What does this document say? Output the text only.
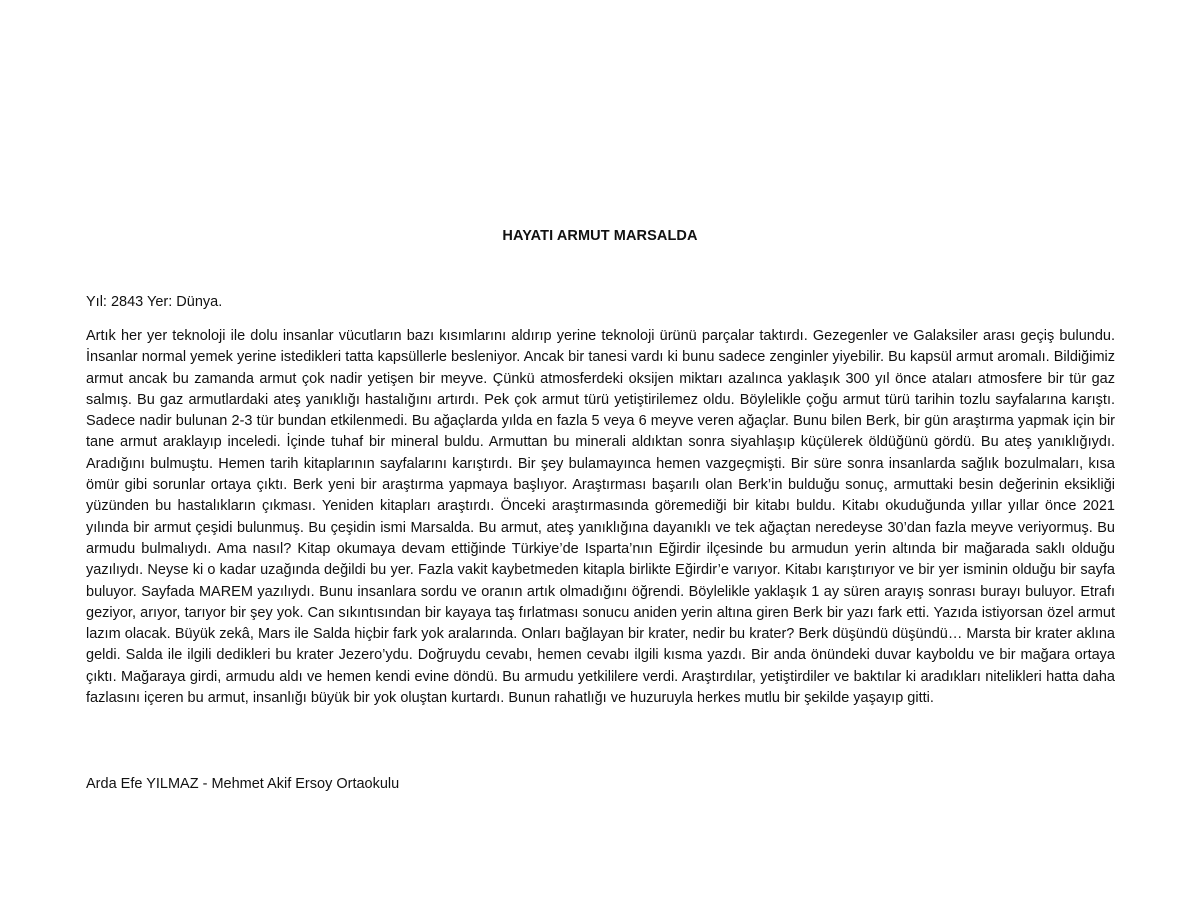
HAYATI ARMUT MARSALDA
Yıl: 2843 Yer: Dünya.

Artık her yer teknoloji ile dolu insanlar vücutların bazı kısımlarını aldırıp yerine teknoloji ürünü parçalar taktırdı. Gezegenler ve Galaksiler arası geçiş bulundu. İnsanlar normal yemek yerine istedikleri tatta kapsüllerle besleniyor. Ancak bir tanesi vardı ki bunu sadece zenginler yiyebilir. Bu kapsül armut aromalı. Bildiğimiz armut ancak bu zamanda armut çok nadir yetişen bir meyve. Çünkü atmosferdeki oksijen miktarı azalınca yaklaşık 300 yıl önce ataları atmosfere bir tür gaz salmış. Bu gaz armutlardaki ateş yanıklığı hastalığını artırdı. Pek çok armut türü yetiştirilemez oldu. Böylelikle çoğu armut türü tarihin tozlu sayfalarına karıştı. Sadece nadir bulunan 2-3 tür bundan etkilenmedi. Bu ağaçlarda yılda en fazla 5 veya 6 meyve veren ağaçlar. Bunu bilen Berk, bir gün araştırma yapmak için bir tane armut araklayıp inceledi. İçinde tuhaf bir mineral buldu. Armuttan bu minerali aldıktan sonra siyahlaşıp küçülerek öldüğünü gördü. Bu ateş yanıklığıydı. Aradığını bulmuştu. Hemen tarih kitaplarının sayfalarını karıştırdı. Bir şey bulamayınca hemen vazgeçmişti. Bir süre sonra insanlarda sağlık bozulmaları, kısa ömür gibi sorunlar ortaya çıktı. Berk yeni bir araştırma yapmaya başlıyor. Araştırması başarılı olan Berk’in bulduğu sonuç, armuttaki besin değerinin eksikliği yüzünden bu hastalıkların çıkması. Yeniden kitapları araştırdı. Önceki araştırmasında göremediği bir kitabı buldu. Kitabı okuduğunda yıllar yıllar önce 2021 yılında bir armut çeşidi bulunmuş. Bu çeşidin ismi Marsalda. Bu armut, ateş yanıklığına dayanıklı ve tek ağaçtan neredeyse 30’dan fazla meyve veriyormuş. Bu armudu bulmalıydı. Ama nasıl? Kitap okumaya devam ettiğinde Türkiye’de Isparta’nın Eğirdir ilçesinde bu armudun yerin altında bir mağarada saklı olduğu yazılıydı. Neyse ki o kadar uzağında değildi bu yer. Fazla vakit kaybetmeden kitapla birlikte Eğirdir’e varıyor. Kitabı karıştırıyor ve bir yer isminin olduğu bir sayfa buluyor. Sayfada MAREM yazılıydı. Bunu insanlara sordu ve oranın artık olmadığını öğrendi. Böylelikle yaklaşık 1 ay süren arayış sonrası burayı buluyor. Etrafı geziyor, arıyor, tarıyor bir şey yok. Can sıkıntısından bir kayaya taş fırlatması sonucu aniden yerin altına giren Berk bir yazı fark etti. Yazıda istiyorsan özel armut lazım olacak. Büyük zekâ, Mars ile Salda hiçbir fark yok aralarında. Onları bağlayan bir krater, nedir bu krater? Berk düşündü düşündü… Marsta bir krater aklına geldi. Salda ile ilgili dedikleri bu krater Jezero’ydu. Doğruydu cevabı, hemen cevabı ilgili kısma yazdı. Bir anda önündeki duvar kayboldu ve bir mağara ortaya çıktı. Mağaraya girdi, armudu aldı ve hemen kendi evine döndü. Bu armudu yetkililere verdi. Araştırdılar, yetiştirdiler ve baktılar ki aradıkları nitelikleri hatta daha fazlasını içeren bu armut, insanlığı büyük bir yok oluştan kurtardı. Bunun rahatlığı ve huzuruyla herkes mutlu bir şekilde yaşayıp gitti.

Arda Efe YILMAZ - Mehmet Akif Ersoy Ortaokulu
